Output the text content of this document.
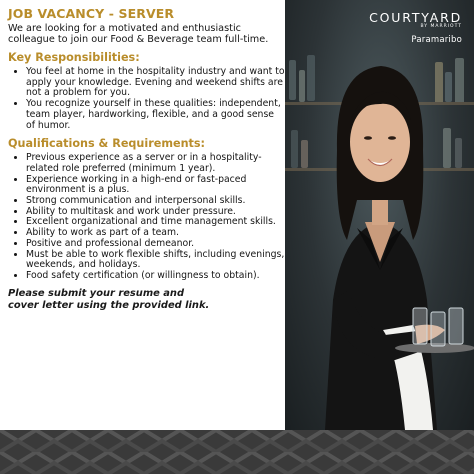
JOB VACANCY - SERVER
We are looking for a motivated and enthusiastic colleague to join our Food & Beverage team full-time.
Key Responsibilities:
• You feel at home in the hospitality industry and want to apply your knowledge. Evening and weekend shifts are not a problem for you.
• You recognize yourself in these qualities: independent, team player, hardworking, flexible, and a good sense of humor.
Qualifications & Requirements:
• Previous experience as a server or in a hospitality-related role preferred (minimum 1 year).
• Experience working in a high-end or fast-paced environment is a plus.
• Strong communication and interpersonal skills.
• Ability to multitask and work under pressure.
• Excellent organizational and time management skills.
• Ability to work as part of a team.
• Positive and professional demeanor.
• Must be able to work flexible shifts, including evenings, weekends, and holidays.
• Food safety certification (or willingness to obtain).
Please submit your resume and
cover letter using the provided link.
COURTYARD
BY MARRIOTT
Paramaribo
